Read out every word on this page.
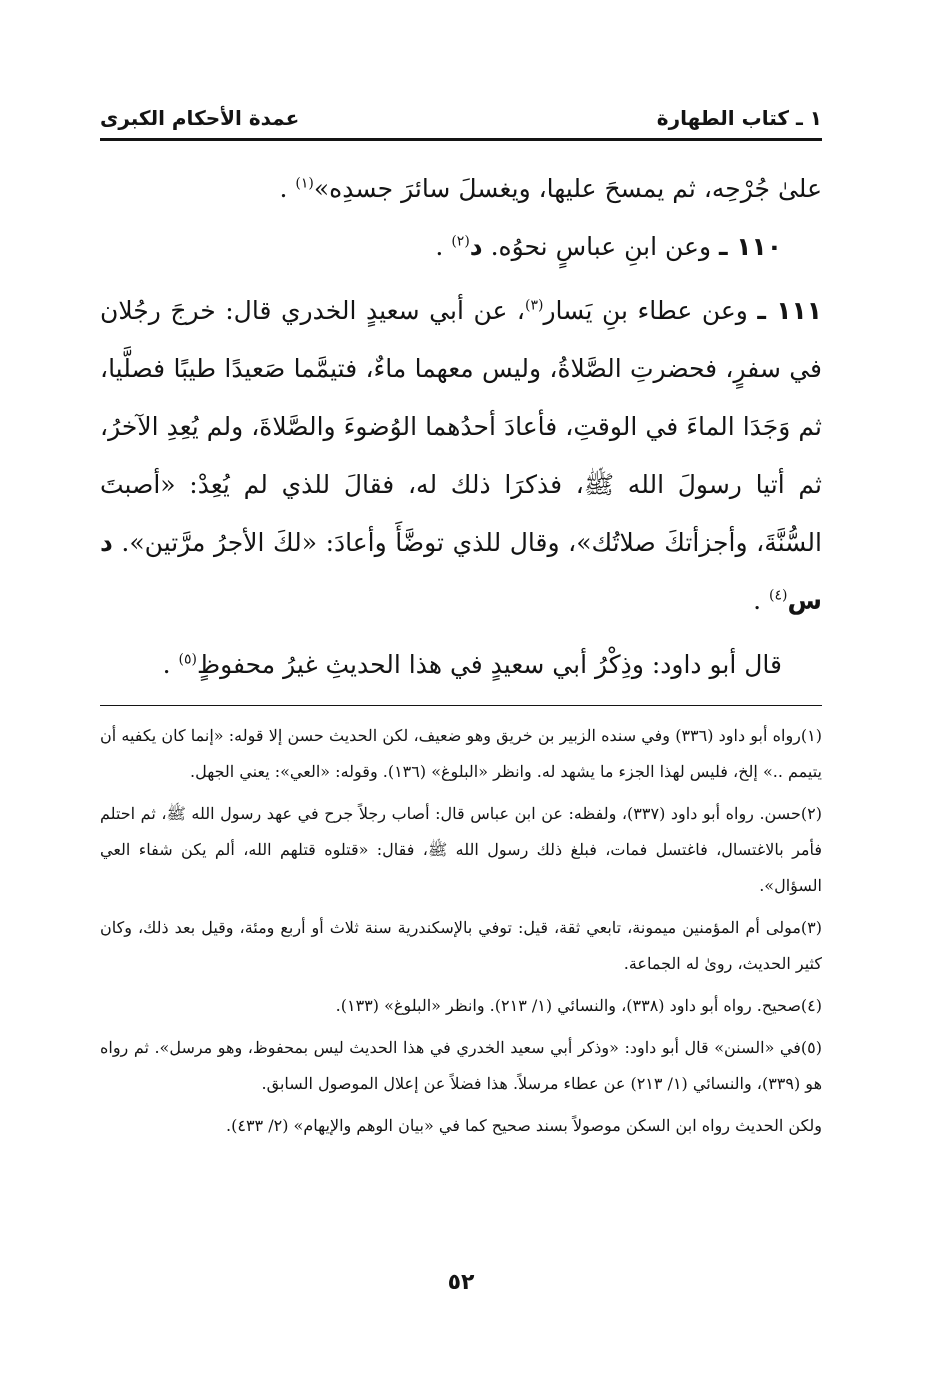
١ ـ كتاب الطهارة
عمدة الأحكام الكبرى

علىٰ جُرْحِه، ثم يمسحَ عليها، ويغسلَ سائرَ جسدِه»$^{(١)}$ .

١١٠ ـ وعن ابنِ عباسٍ نحوُه. د$^{(٢)}$ .

١١١ ـ وعن عطاء بنِ يَسار$^{(٣)}$، عن أبي سعيدٍ الخدري قال: خرجَ رجُلان في سفرٍ، فحضرتِ الصَّلاةُ، وليس معهما ماءٌ، فتيمَّما صَعيدًا طيبًا فصلَّيا، ثم وَجَدَا الماءَ في الوقتِ، فأعادَ أحدُهما الوُضوءَ والصَّلاةَ، ولم يُعِدِ الآخرُ، ثم أتيا رسولَ الله ﷺ، فذكرَا ذلك له، فقالَ للذي لم يُعِدْ: «أصبتَ السُّنَّةَ، وأجزأتكَ صلاتُك»، وقال للذي توضَّأَ وأعادَ: «لكَ الأجرُ مرَّتين». د س$^{(٤)}$ .

قال أبو داود: وذِكْرُ أبي سعيدٍ في هذا الحديثِ غيرُ محفوظٍ$^{(٥)}$ .

(١)رواه أبو داود (٣٣٦) وفي سنده الزبير بن خريق وهو ضعيف، لكن الحديث حسن إلا قوله: «إنما كان يكفيه أن يتيمم ..» إلخ، فليس لهذا الجزء ما يشهد له. وانظر «البلوغ» (١٣٦). وقوله: «العي»: يعني الجهل.

(٢)حسن. رواه أبو داود (٣٣٧)، ولفظه: عن ابن عباس قال: أصاب رجلاً جرح في عهد رسول الله ﷺ، ثم احتلم فأمر بالاغتسال، فاغتسل فمات، فبلغ ذلك رسول الله ﷺ، فقال: «قتلوه قتلهم الله، ألم يكن شفاء العي السؤال».

(٣)مولى أم المؤمنين ميمونة، تابعي ثقة، قيل: توفي بالإسكندرية سنة ثلاث أو أربع ومئة، وقيل بعد ذلك، وكان كثير الحديث، روىٰ له الجماعة.

(٤)صحيح. رواه أبو داود (٣٣٨)، والنسائي (١/ ٢١٣). وانظر «البلوغ» (١٣٣).

(٥)في «السنن» قال أبو داود: «وذكر أبي سعيد الخدري في هذا الحديث ليس بمحفوظ، وهو مرسل». ثم رواه هو (٣٣٩)، والنسائي (١/ ٢١٣) عن عطاء مرسلاً. هذا فضلاً عن إعلال الموصول السابق.

ولكن الحديث رواه ابن السكن موصولاً بسند صحيح كما في «بيان الوهم والإيهام» (٢/ ٤٣٣).

٥٢
